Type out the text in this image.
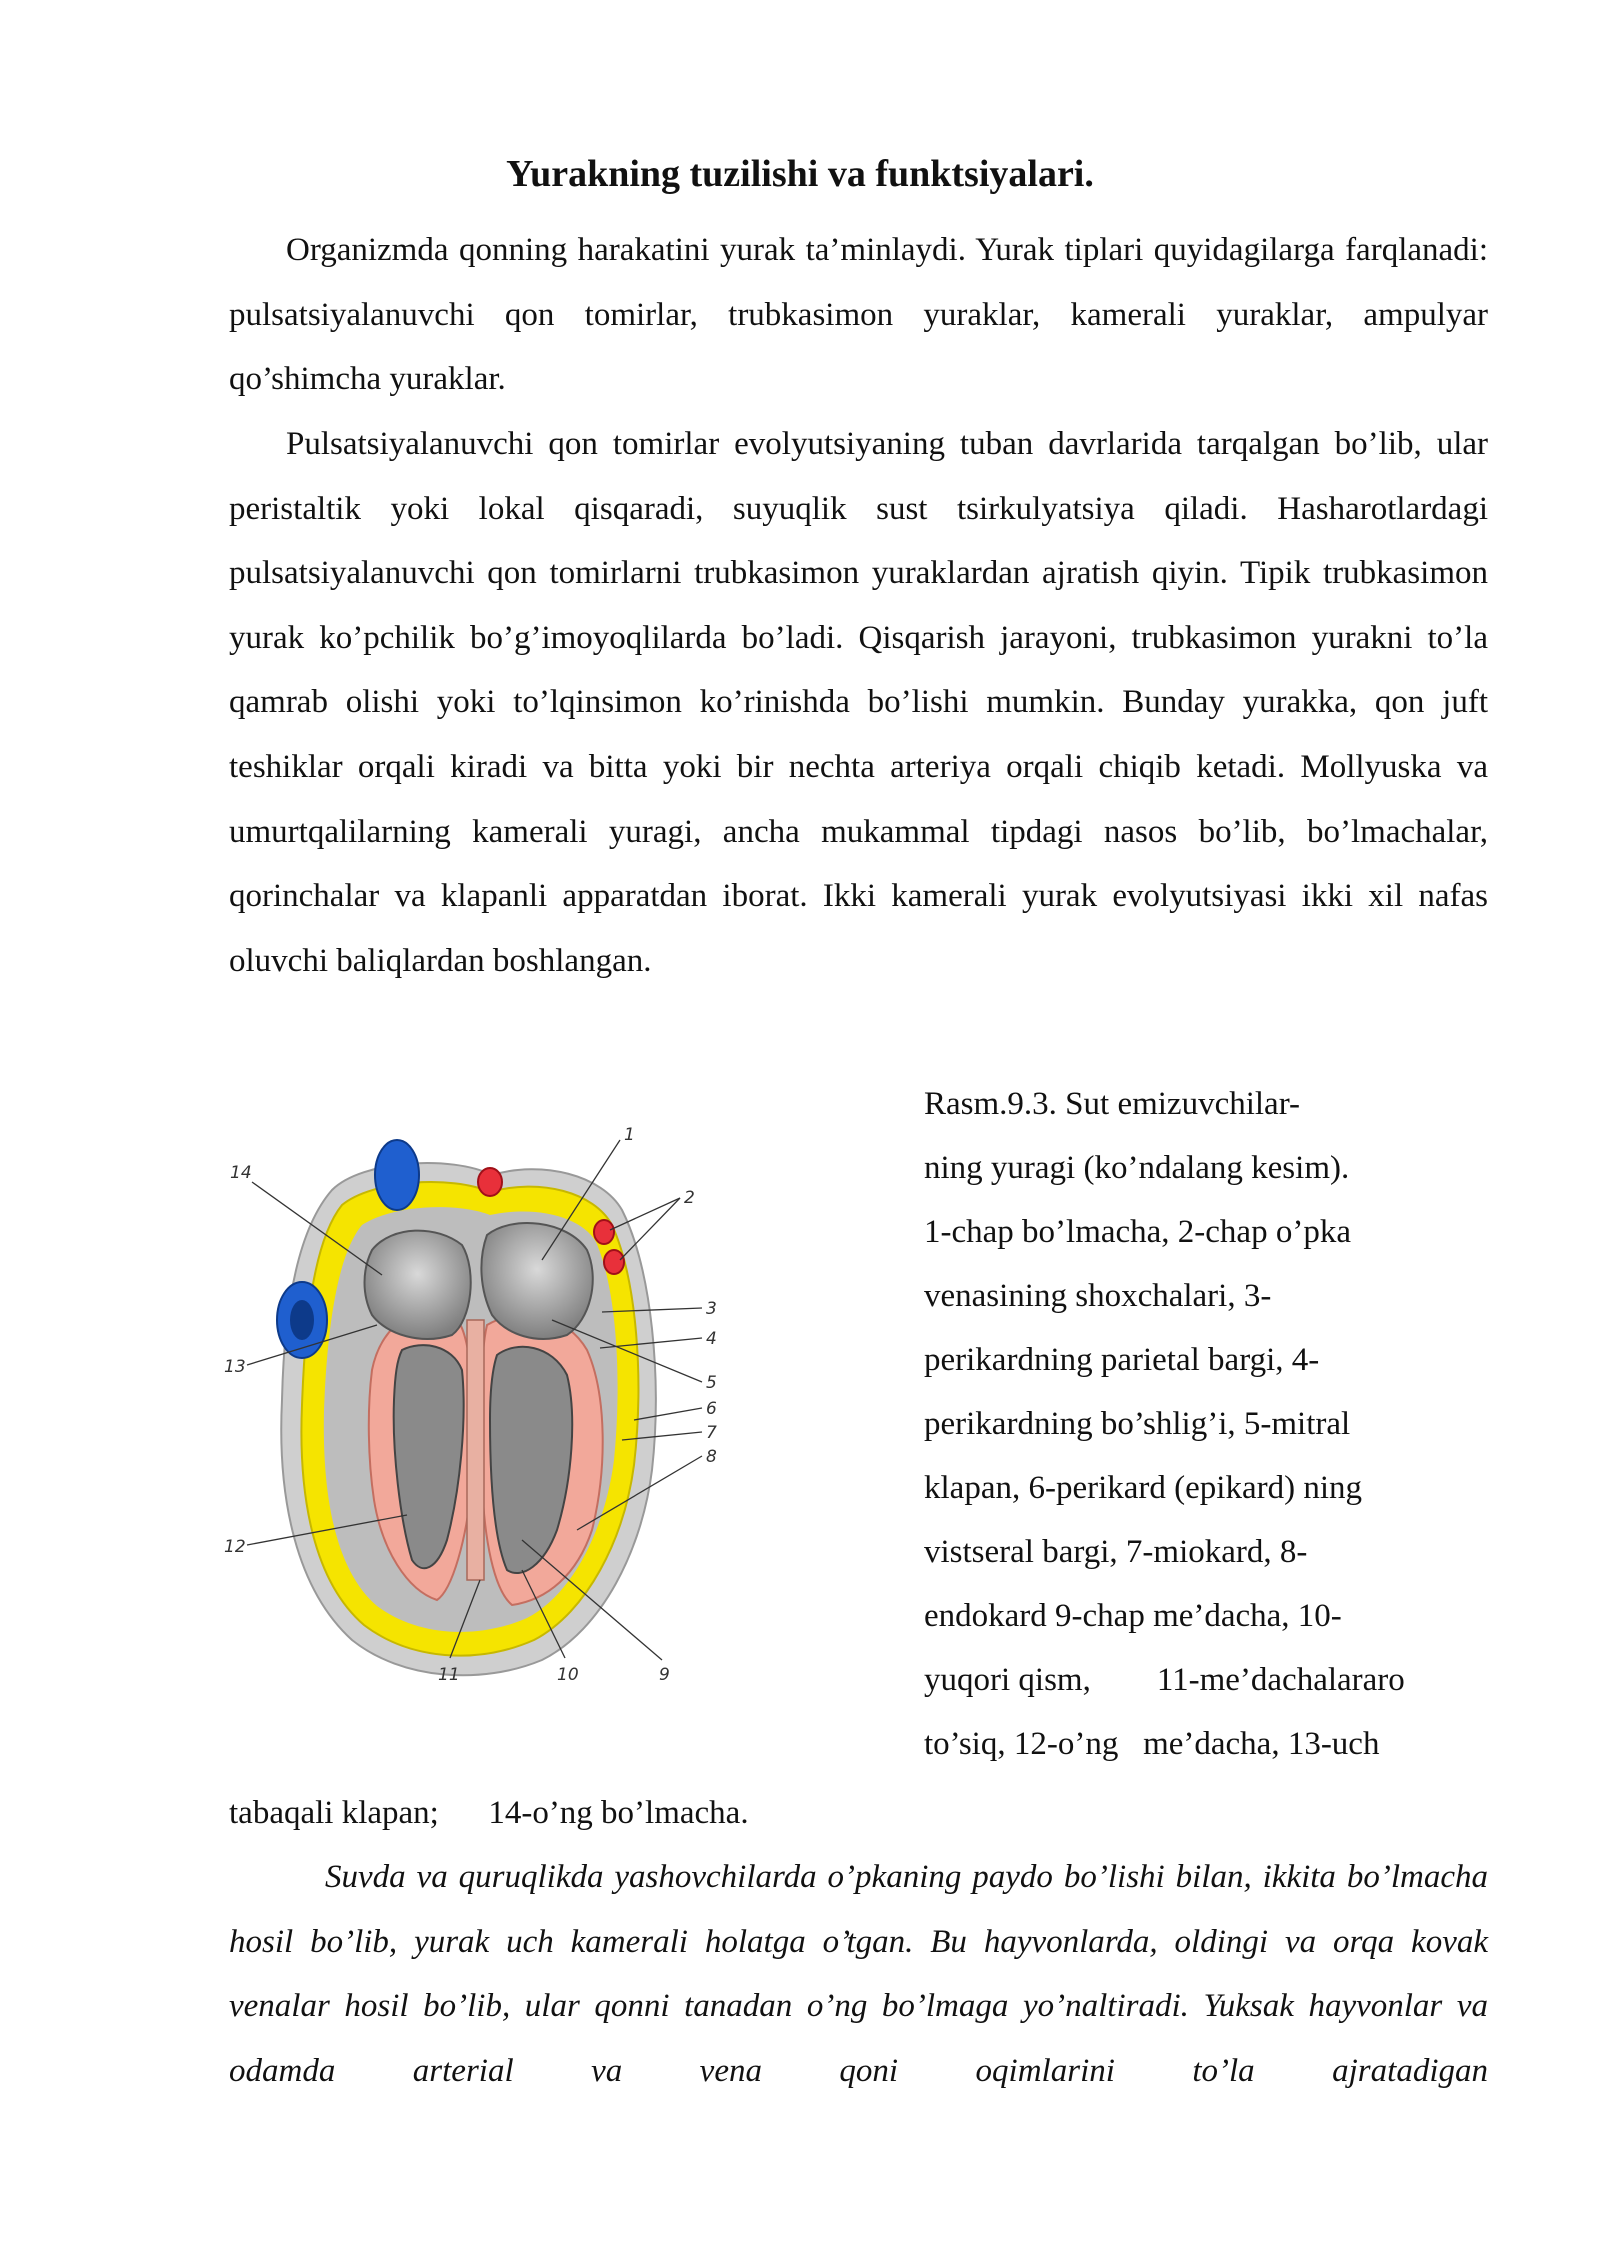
Yurakning tuzilishi va funktsiyalari.

Organizmda qonning harakatini yurak ta’minlaydi. Yurak tiplari quyidagilarga farqlanadi: pulsatsiyalanuvchi qon tomirlar, trubkasimon yuraklar, kamerali yuraklar, ampulyar qo’shimcha yuraklar.

Pulsatsiyalanuvchi qon tomirlar evolyutsiyaning tuban davrlarida tarqalgan bo’lib, ular peristaltik yoki lokal qisqaradi, suyuqlik sust tsirkulyatsiya qiladi. Hasharotlardagi pulsatsiyalanuvchi qon tomirlarni trubkasimon yuraklardan ajratish qiyin. Tipik trubkasimon yurak ko’pchilik bo’g’imoyoqlilarda bo’ladi. Qisqarish jarayoni, trubkasimon yurakni to’la qamrab olishi yoki to’lqinsimon ko’rinishda bo’lishi mumkin. Bunday yurakka, qon juft teshiklar orqali kiradi va bitta yoki bir nechta arteriya orqali chiqib ketadi. Mollyuska va umurtqalilarning kamerali yuragi, ancha mukammal tipdagi nasos bo’lib, bo’lmachalar, qorinchalar va klapanli apparatdan iborat. Ikki kamerali yurak evolyutsiyasi ikki xil nafas oluvchi baliqlardan boshlangan.

1
2
3
4
5
6
7
8
9
10
11
12
13
14

Rasm.9.3. Sut emizuvchilar-

ning yuragi (ko’ndalang kesim).

1-chap bo’lmacha, 2-chap o’pka

venasining shoxchalari, 3-

perikardning parietal bargi, 4-

perikardning bo’shlig’i, 5-mitral

klapan, 6-perikard (epikard) ning

vistseral bargi, 7-miokard, 8-

endokard 9-chap me’dacha, 10-

yuqori qism,        11-me’dachalararo

to’siq, 12-o’ng   me’dacha, 13-uch

tabaqali klapan;      14-o’ng bo’lmacha.

Suvda va quruqlikda yashovchilarda o’pkaning paydo bo’lishi bilan, ikkita bo’lmacha hosil bo’lib, yurak uch kamerali holatga o’tgan. Bu hayvonlarda, oldingi va orqa kovak venalar hosil bo’lib, ular qonni tanadan o’ng bo’lmaga yo’naltiradi. Yuksak hayvonlar va odamda arterial va vena qoni oqimlarini to’la ajratadigan
